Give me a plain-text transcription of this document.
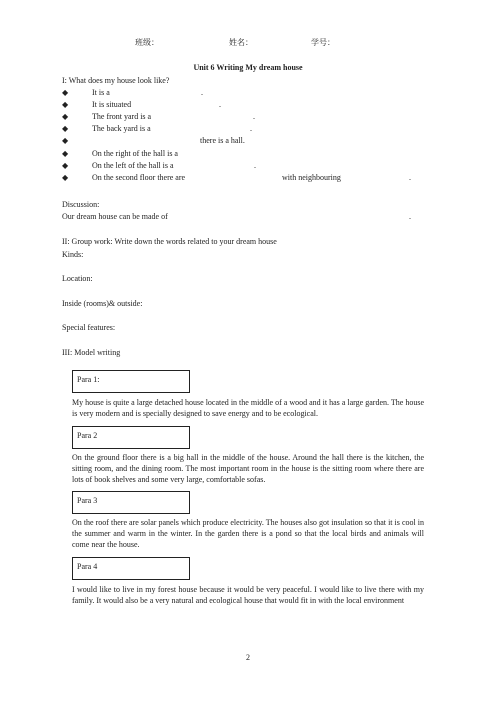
班级：	姓名：	学号：
Unit 6 Writing My dream house
I: What does my house look like?
◆	It is a	.
◆	It is situated	.
◆	The front yard is a	.
◆	The back yard is a	.
◆	there is a hall.
◆	On the right of the hall is a
◆	On the left of the hall is a	.
◆	On the second floor there are	with neighbouring	.
Discussion:
Our dream house can be made of	.
II: Group work: Write down the words related to your dream house
Kinds:
Location:
Inside (rooms)& outside:
Special features:
III: Model writing
Para 1:
My house is quite a large detached house located in the middle of a wood and it has a large garden. The house is very modern and is specially designed to save energy and to be ecological.
Para 2
On the ground floor there is a big hall in the middle of the house. Around the hall there is the kitchen, the sitting room, and the dining room. The most important room in the house is the sitting room where there are lots of book shelves and some very large, comfortable sofas.
Para 3
On the roof there are solar panels which produce electricity. The houses also got insulation so that it is cool in the summer and warm in the winter. In the garden there is a pond so that the local birds and animals will come near the house.
Para 4
I would like to live in my forest house because it would be very peaceful. I would like to live there with my family. It would also be a very natural and ecological house that would fit in with the local environment
2
